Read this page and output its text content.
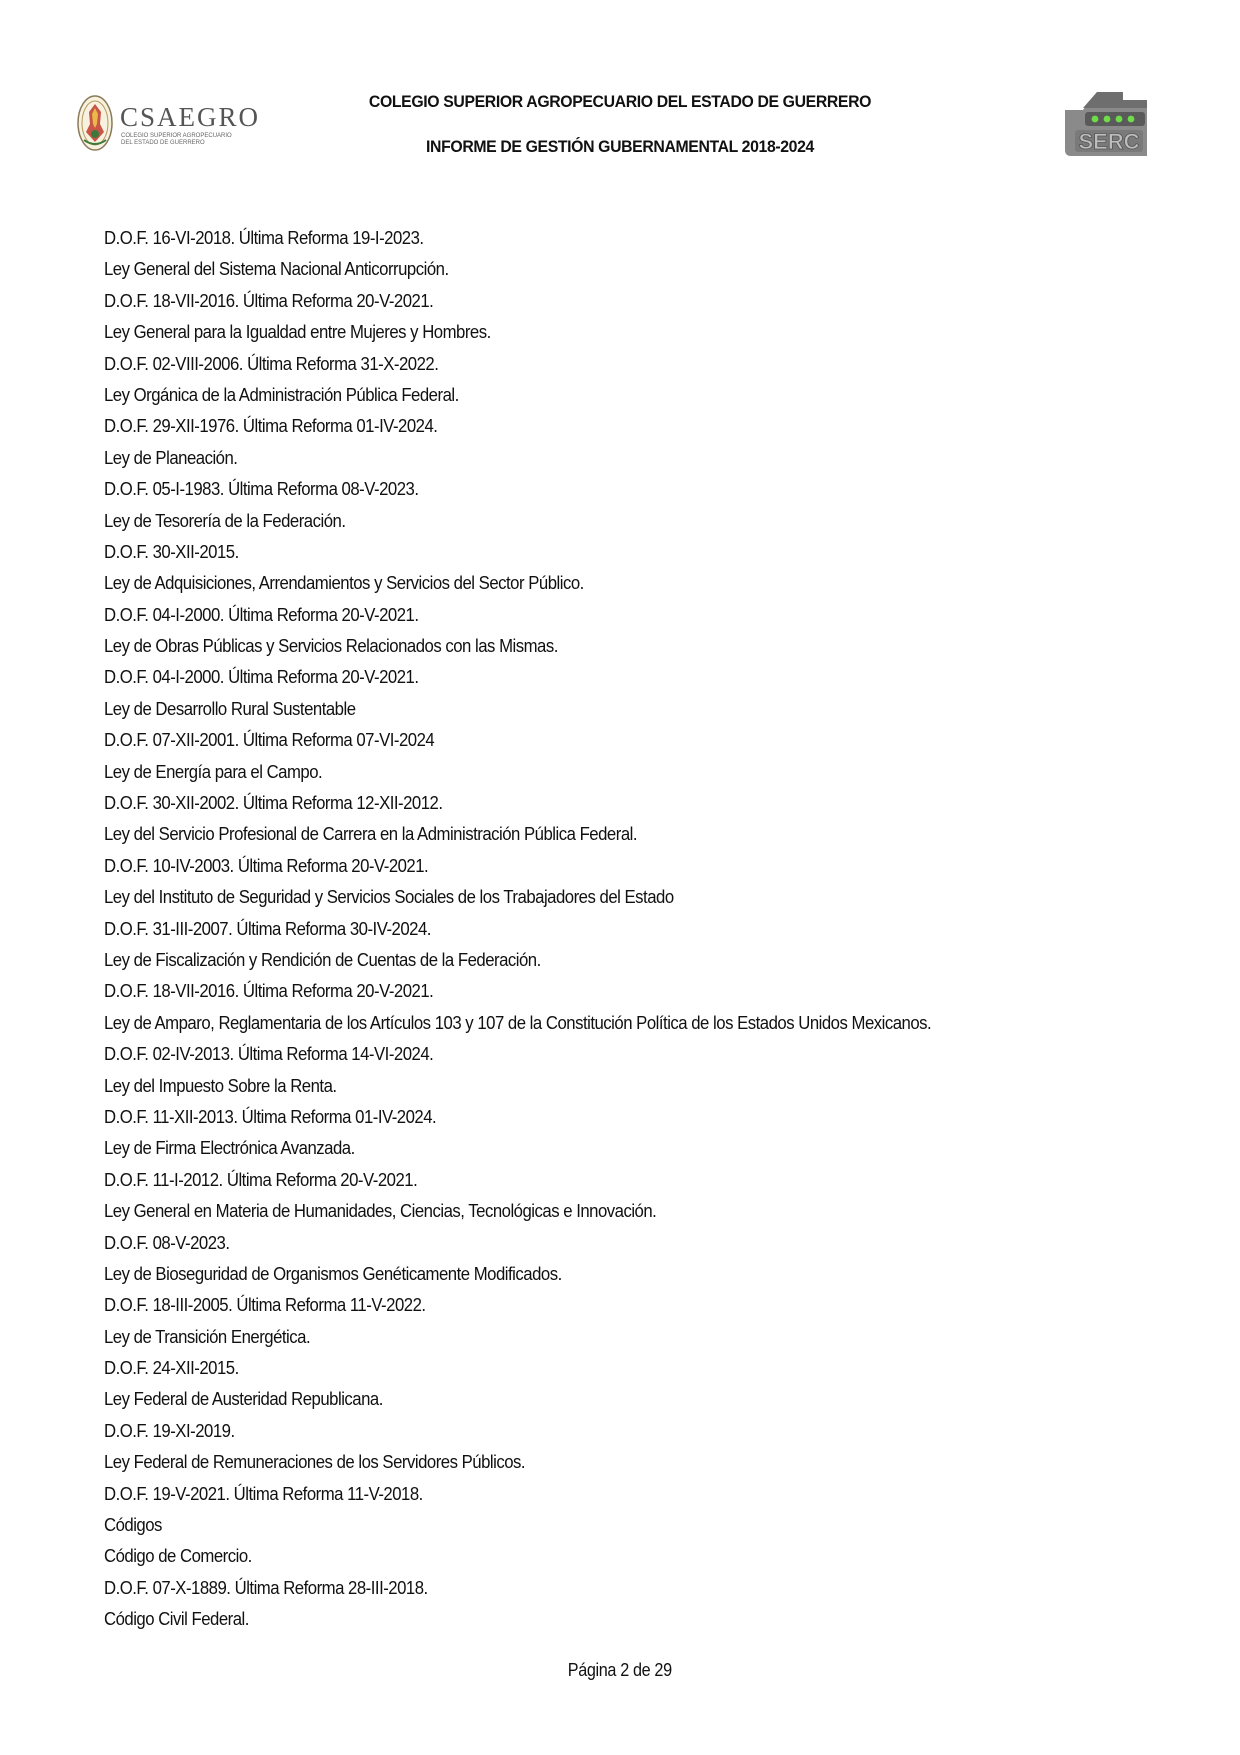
CSAEGRO
COLEGIO SUPERIOR AGROPECUARIO
DEL ESTADO DE GUERRERO
COLEGIO SUPERIOR AGROPECUARIO DEL ESTADO DE GUERRERO
INFORME DE GESTIÓN GUBERNAMENTAL 2018-2024	SERC
D.O.F. 16-VI-2018. Última Reforma 19-I-2023.
Ley General del Sistema Nacional Anticorrupción.
D.O.F. 18-VII-2016. Última Reforma 20-V-2021.
Ley General para la Igualdad entre Mujeres y Hombres.
D.O.F. 02-VIII-2006. Última Reforma 31-X-2022.
Ley Orgánica de la Administración Pública Federal.
D.O.F. 29-XII-1976. Última Reforma 01-IV-2024.
Ley de Planeación.
D.O.F. 05-I-1983. Última Reforma 08-V-2023.
Ley de Tesorería de la Federación.
D.O.F. 30-XII-2015.
Ley de Adquisiciones, Arrendamientos y Servicios del Sector Público.
D.O.F. 04-I-2000. Última Reforma 20-V-2021.
Ley de Obras Públicas y Servicios Relacionados con las Mismas.
D.O.F. 04-I-2000. Última Reforma 20-V-2021.
Ley de Desarrollo Rural Sustentable
D.O.F. 07-XII-2001. Última Reforma 07-VI-2024
Ley de Energía para el Campo.
D.O.F. 30-XII-2002. Última Reforma 12-XII-2012.
Ley del Servicio Profesional de Carrera en la Administración Pública Federal.
D.O.F. 10-IV-2003. Última Reforma 20-V-2021.
Ley del Instituto de Seguridad y Servicios Sociales de los Trabajadores del Estado
D.O.F. 31-III-2007. Última Reforma 30-IV-2024.
Ley de Fiscalización y Rendición de Cuentas de la Federación.
D.O.F. 18-VII-2016. Última Reforma 20-V-2021.
Ley de Amparo, Reglamentaria de los Artículos 103 y 107 de la Constitución Política de los Estados Unidos Mexicanos.
D.O.F. 02-IV-2013. Última Reforma 14-VI-2024.
Ley del Impuesto Sobre la Renta.
D.O.F. 11-XII-2013. Última Reforma 01-IV-2024.
Ley de Firma Electrónica Avanzada.
D.O.F. 11-I-2012. Última Reforma 20-V-2021.
Ley General en Materia de Humanidades, Ciencias, Tecnológicas e Innovación.
D.O.F. 08-V-2023.
Ley de Bioseguridad de Organismos Genéticamente Modificados.
D.O.F. 18-III-2005. Última Reforma 11-V-2022.
Ley de Transición Energética.
D.O.F. 24-XII-2015.
Ley Federal de Austeridad Republicana.
D.O.F. 19-XI-2019.
Ley Federal de Remuneraciones de los Servidores Públicos.
D.O.F. 19-V-2021. Última Reforma 11-V-2018.
Códigos
Código de Comercio.
D.O.F. 07-X-1889. Última Reforma 28-III-2018.
Código Civil Federal.
Página 2 de 29
